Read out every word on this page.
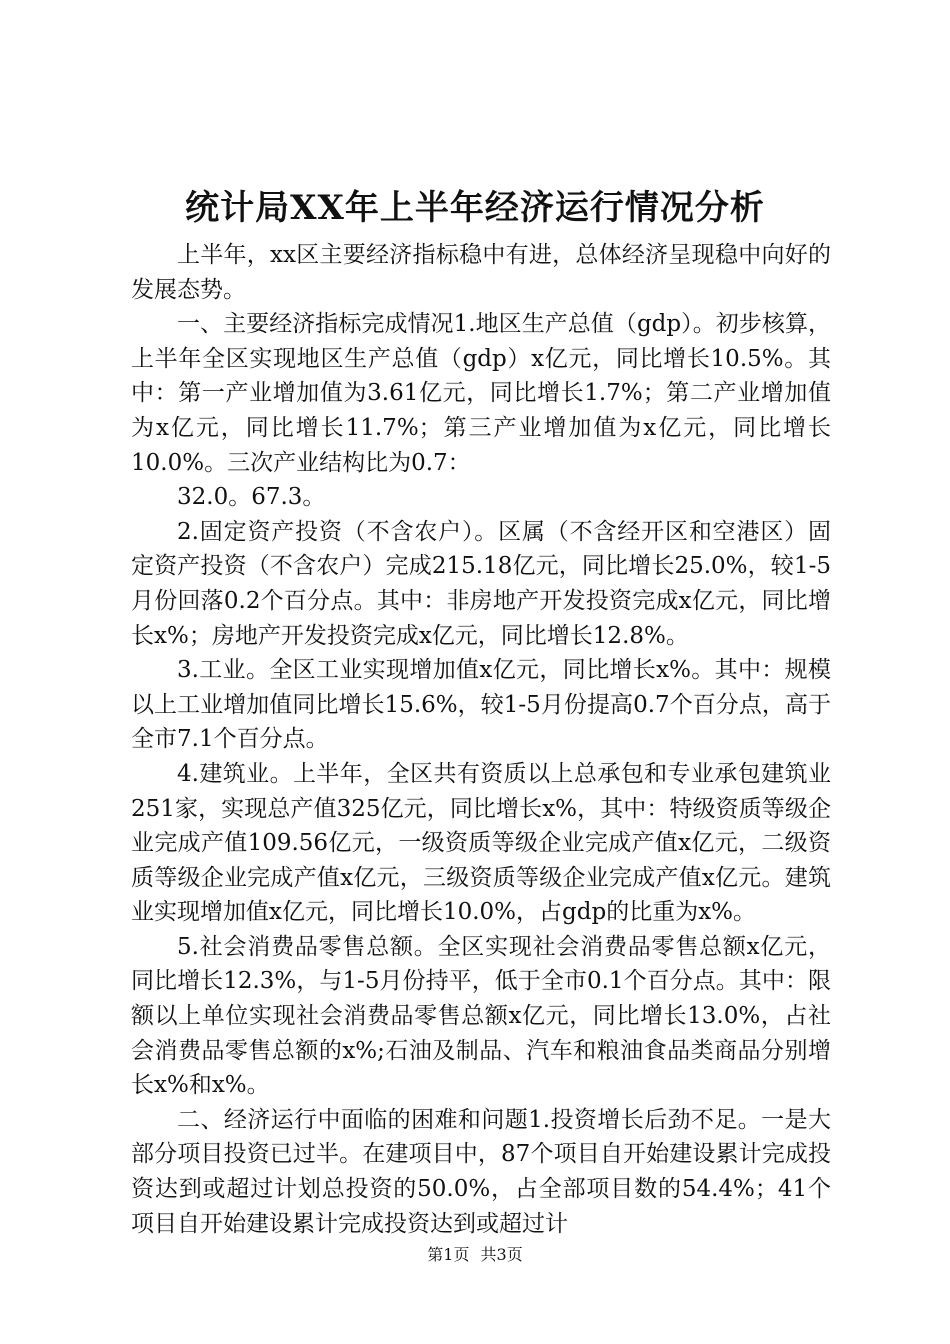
统计局XX年上半年经济运行情况分析

上半年，xx区主要经济指标稳中有进，总体经济呈现稳中向好的发展态势。

一、主要经济指标完成情况1.地区生产总值（gdp）。初步核算，上半年全区实现地区生产总值（gdp）x亿元，同比增长10.5%。其中：第一产业增加值为3.61亿元，同比增长1.7%；第二产业增加值为x亿元，同比增长11.7%；第三产业增加值为x亿元，同比增长10.0%。三次产业结构比为0.7：

32.0。67.3。

2.固定资产投资（不含农户）。区属（不含经开区和空港区）固定资产投资（不含农户）完成215.18亿元，同比增长25.0%，较1-5月份回落0.2个百分点。其中：非房地产开发投资完成x亿元，同比增长x%；房地产开发投资完成x亿元，同比增长12.8%。

3.工业。全区工业实现增加值x亿元，同比增长x%。其中：规模以上工业增加值同比增长15.6%，较1-5月份提高0.7个百分点，高于全市7.1个百分点。

4.建筑业。上半年，全区共有资质以上总承包和专业承包建筑业251家，实现总产值325亿元，同比增长x%，其中：特级资质等级企业完成产值109.56亿元，一级资质等级企业完成产值x亿元，二级资质等级企业完成产值x亿元，三级资质等级企业完成产值x亿元。建筑业实现增加值x亿元，同比增长10.0%，占gdp的比重为x%。

5.社会消费品零售总额。全区实现社会消费品零售总额x亿元，同比增长12.3%，与1-5月份持平，低于全市0.1个百分点。其中：限额以上单位实现社会消费品零售总额x亿元，同比增长13.0%，占社会消费品零售总额的x%;石油及制品、汽车和粮油食品类商品分别增长x%和x%。

二、经济运行中面临的困难和问题1.投资增长后劲不足。一是大部分项目投资已过半。在建项目中，87个项目自开始建设累计完成投资达到或超过计划总投资的50.0%，占全部项目数的54.4%；41个项目自开始建设累计完成投资达到或超过计

第1页 共3页
